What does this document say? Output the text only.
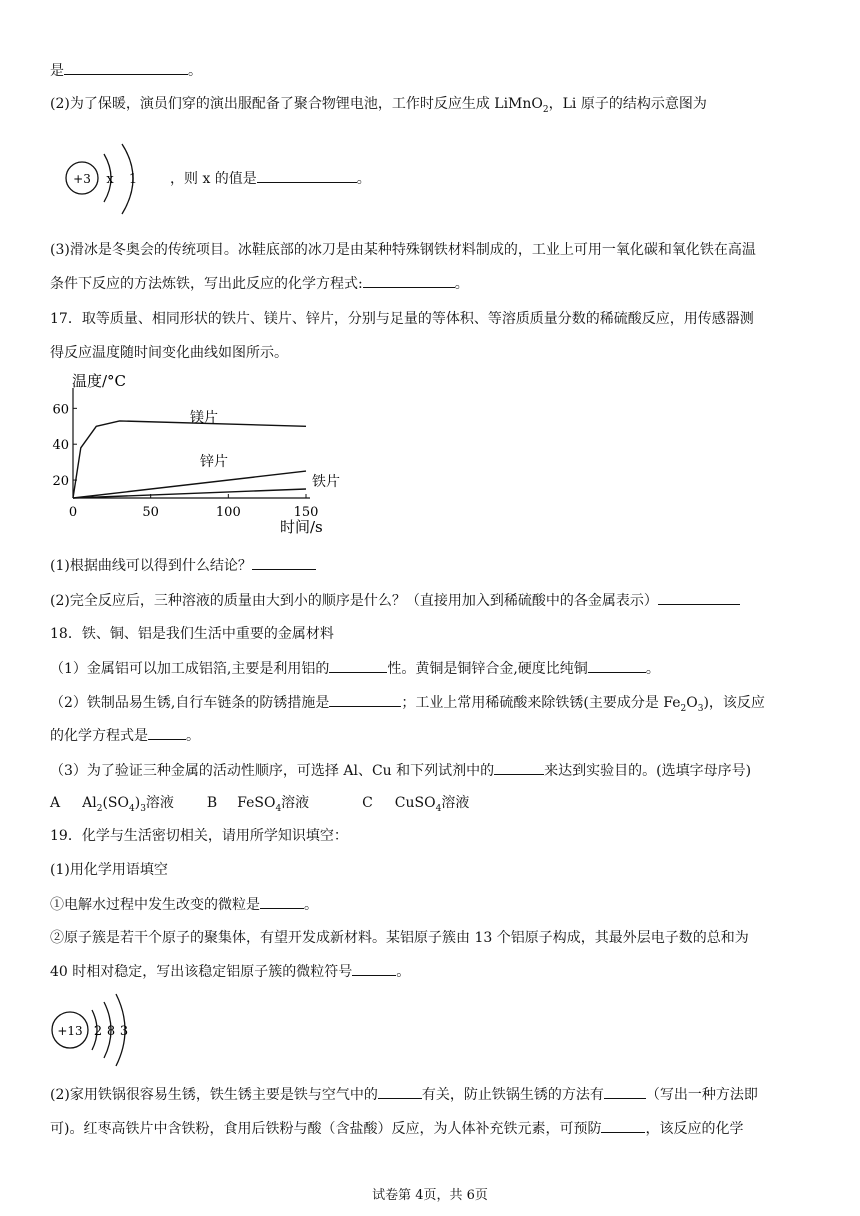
是	。
(2)为了保暖，演员们穿的演出服配备了聚合物锂电池，工作时反应生成 LiMnO$_2$，Li 原子的结构示意图为
+3 x 1 ，则 x 的值是	。
(3)滑冰是冬奥会的传统项目。冰鞋底部的冰刀是由某种特殊钢铁材料制成的，工业上可用一氧化碳和氧化铁在高温
条件下反应的方法炼铁，写出此反应的化学方程式:	。
17．取等质量、相同形状的铁片、镁片、锌片，分别与足量的等体积、等溶质质量分数的稀硫酸反应，用传感器测
得反应温度随时间变化曲线如图所示。
20
40
60
0	50	100	150
温度/°C
时间/s
镁片
锌片
铁片
(1)根据曲线可以得到什么结论？
(2)完全反应后，三种溶液的质量由大到小的顺序是什么？（直接用加入到稀硫酸中的各金属表示）
18．铁、铜、铝是我们生活中重要的金属材料
（1）金属铝可以加工成铝箔,主要是利用铝的	性。黄铜是铜锌合金,硬度比纯铜	。
（2）铁制品易生锈,自行车链条的防锈措施是	；工业上常用稀硫酸来除铁锈(主要成分是 $Fe_2O_3$)，该反应
的化学方程式是	。
（3）为了验证三种金属的活动性顺序，可选择 Al、Cu 和下列试剂中的	来达到实验目的。(选填字母序号)
A $Al_2(SO_4)_3$溶液 B FeSO$_4$溶液	C CuSO$_4$溶液
19．化学与生活密切相关，请用所学知识填空：
(1)用化学用语填空
①电解水过程中发生改变的微粒是	。
②原子簇是若干个原子的聚集体，有望开发成新材料。某铝原子簇由 13 个铝原子构成，其最外层电子数的总和为
40 时相对稳定，写出该稳定铝原子簇的微粒符号	。
+13 2 8 3
(2)家用铁锅很容易生锈，铁生锈主要是铁与空气中的	有关，防止铁锅生锈的方法有	（写出一种方法即
可)。红枣高铁片中含铁粉，食用后铁粉与酸（含盐酸）反应，为人体补充铁元素，可预防	，该反应的化学
试卷第 4页，共 6页
